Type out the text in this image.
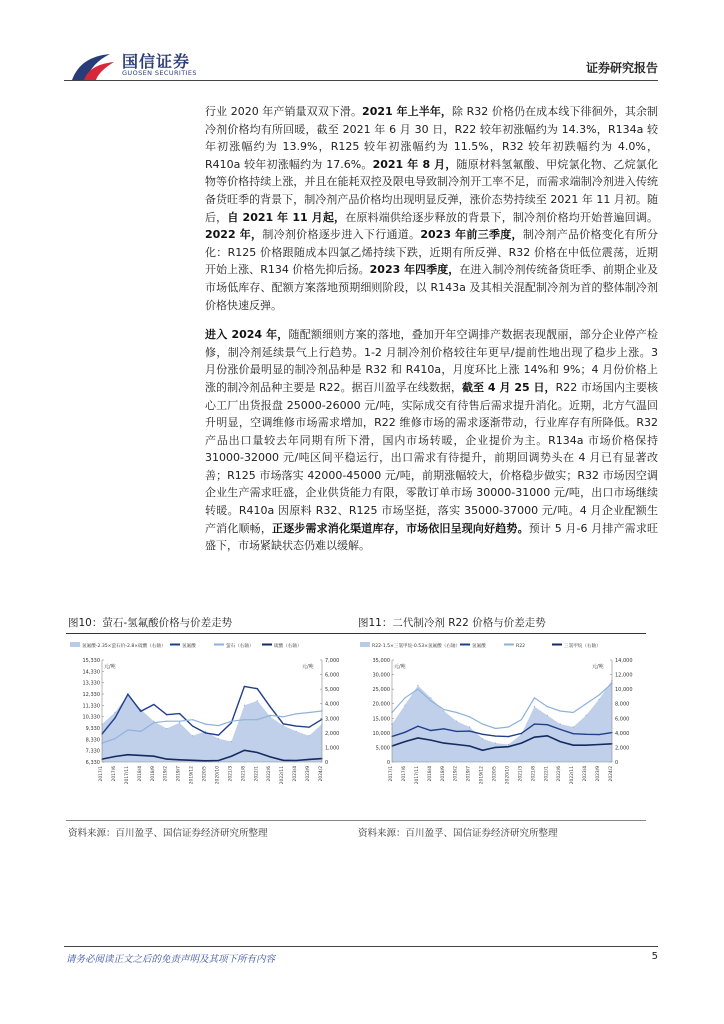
国信证券
GUOSEN SECURITIES	证券研究报告

行业 2020 年产销量双双下滑。2021 年上半年，除 R32 价格仍在成本线下徘徊外，其余制冷剂价格均有所回暖，截至 2021 年 6 月 30 日，R22 较年初涨幅约为 14.3%，R134a 较年初涨幅约为 13.9%，R125 较年初涨幅约为 11.5%，R32 较年初跌幅约为 4.0%，R410a 较年初涨幅约为 17.6%。2021 年 8 月，随原材料氢氟酸、甲烷氯化物、乙烷氯化物等价格持续上涨，并且在能耗双控及限电导致制冷剂开工率不足，而需求端制冷剂进入传统备货旺季的背景下，制冷剂产品价格均出现明显反弹，涨价态势持续至 2021 年 11 月初。随后，自 2021 年 11 月起，在原料端供给逐步释放的背景下，制冷剂价格均开始普遍回调。2022 年，制冷剂价格逐步进入下行通道。2023 年前三季度，制冷剂产品价格变化有所分化：R125 价格跟随成本四氯乙烯持续下跌，近期有所反弹、R32 价格在中低位震荡，近期开始上涨、R134 价格先抑后扬。2023 年四季度，在进入制冷剂传统备货旺季、前期企业及市场低库存、配额方案落地预期细则阶段，以 R143a 及其相关混配制冷剂为首的整体制冷剂价格快速反弹。

进入 2024 年，随配额细则方案的落地，叠加开年空调排产数据表现靓丽，部分企业停产检修，制冷剂延续景气上行趋势。1-2 月制冷剂价格较往年更早/提前性地出现了稳步上涨。3 月份涨价最明显的制冷剂品种是 R32 和 R410a，月度环比上涨 14%和 9%；4 月份价格上涨的制冷剂品种主要是 R22。据百川盈孚在线数据，截至 4 月 25 日，R22 市场国内主要核心工厂出货报盘 25000-26000 元/吨，实际成交有待售后需求提升消化。近期，北方气温回升明显，空调维修市场需求增加，R22 维修市场的需求逐渐带动，行业库存有所降低。R32 产品出口量较去年同期有所下滑，国内市场转暖，企业提价为主。R134a 市场价格保持 31000-32000 元/吨区间平稳运行，出口需求有待提升，前期回调势头在 4 月已有显著改善；R125 市场落实 42000-45000 元/吨，前期涨幅较大，价格稳步做实；R32 市场因空调企业生产需求旺盛，企业供货能力有限，零散订单市场 30000-31000 元/吨，出口市场继续转暖。R410a 因原料 R32、R125 市场坚挺，落实 35000-37000 元/吨。4 月企业配额生产消化顺畅，正逐步需求消化渠道库存，市场依旧呈现向好趋势。预计 5 月-6 月排产需求旺盛下，市场紧缺状态仍难以缓解。

图10：萤石-氢氟酸价格与价差走势
氢氟酸-2.35×萤石价-2.8×硫酸（右轴）	氢氟酸	萤石（右轴）	硫酸（右轴）
元/吨	元/吨
15,330
14,330
13,330
12,330
11,330
10,330
9,330
8,330
7,330
6,330
7,000
6,000
5,000
4,000
3,000
2,000
1,000
0
2017/1 2017/6 2017/11 2018/4 2018/9 2019/2 2019/7 2019/12 2020/5 2020/10 2021/3 2021/8 2022/1 2022/6 2022/11 2023/4 2023/9 2024/2
资料来源：百川盈孚、国信证券经济研究所整理
图11：二代制冷剂 R22 价格与价差走势
R22-1.5×三氯甲烷-0.53×氢氟酸（右轴）	氢氟酸	R22	三氯甲烷（右轴）
元/吨	元/吨
35,000
30,000
25,000
20,000
15,000
10,000
5,000
0
14,000
12,000
10,000
8,000
6,000
4,000
2,000
0
2017/1 2017/6 2017/11 2018/4 2018/9 2019/2 2019/7 2019/12 2020/5 2020/10 2021/3 2021/8 2022/1 2022/6 2022/11 2023/4 2023/9 2024/2
资料来源：百川盈孚、国信证券经济研究所整理
请务必阅读正文之后的免责声明及其项下所有内容	5
